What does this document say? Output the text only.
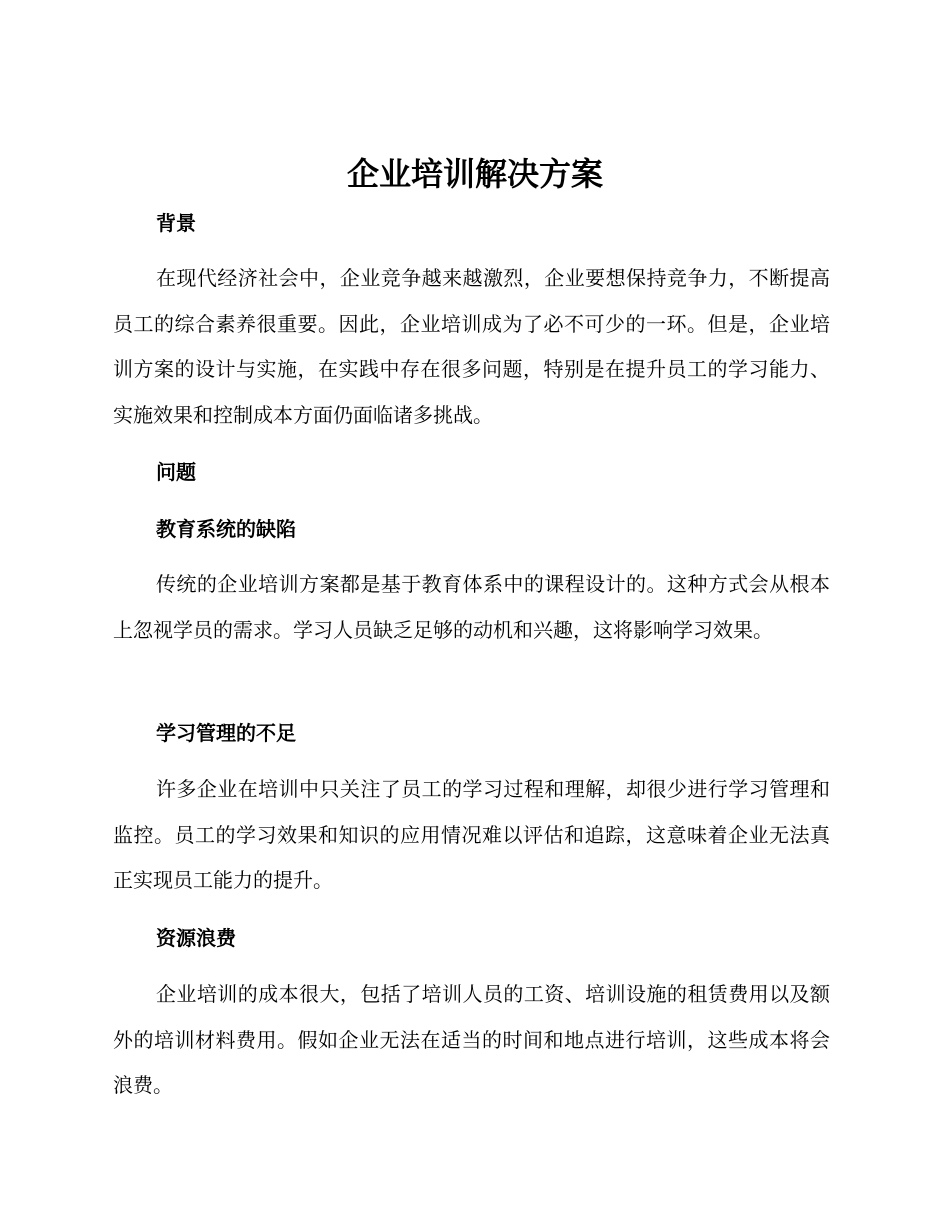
企业培训解决方案
背景

在现代经济社会中，企业竞争越来越激烈，企业要想保持竞争力，不断提高员工的综合素养很重要。因此，企业培训成为了必不可少的一环。但是，企业培训方案的设计与实施，在实践中存在很多问题，特别是在提升员工的学习能力、实施效果和控制成本方面仍面临诸多挑战。

问题
教育系统的缺陷

传统的企业培训方案都是基于教育体系中的课程设计的。这种方式会从根本上忽视学员的需求。学习人员缺乏足够的动机和兴趣，这将影响学习效果。

学习管理的不足

许多企业在培训中只关注了员工的学习过程和理解，却很少进行学习管理和监控。员工的学习效果和知识的应用情况难以评估和追踪，这意味着企业无法真正实现员工能力的提升。

资源浪费

企业培训的成本很大，包括了培训人员的工资、培训设施的租赁费用以及额外的培训材料费用。假如企业无法在适当的时间和地点进行培训，这些成本将会浪费。
